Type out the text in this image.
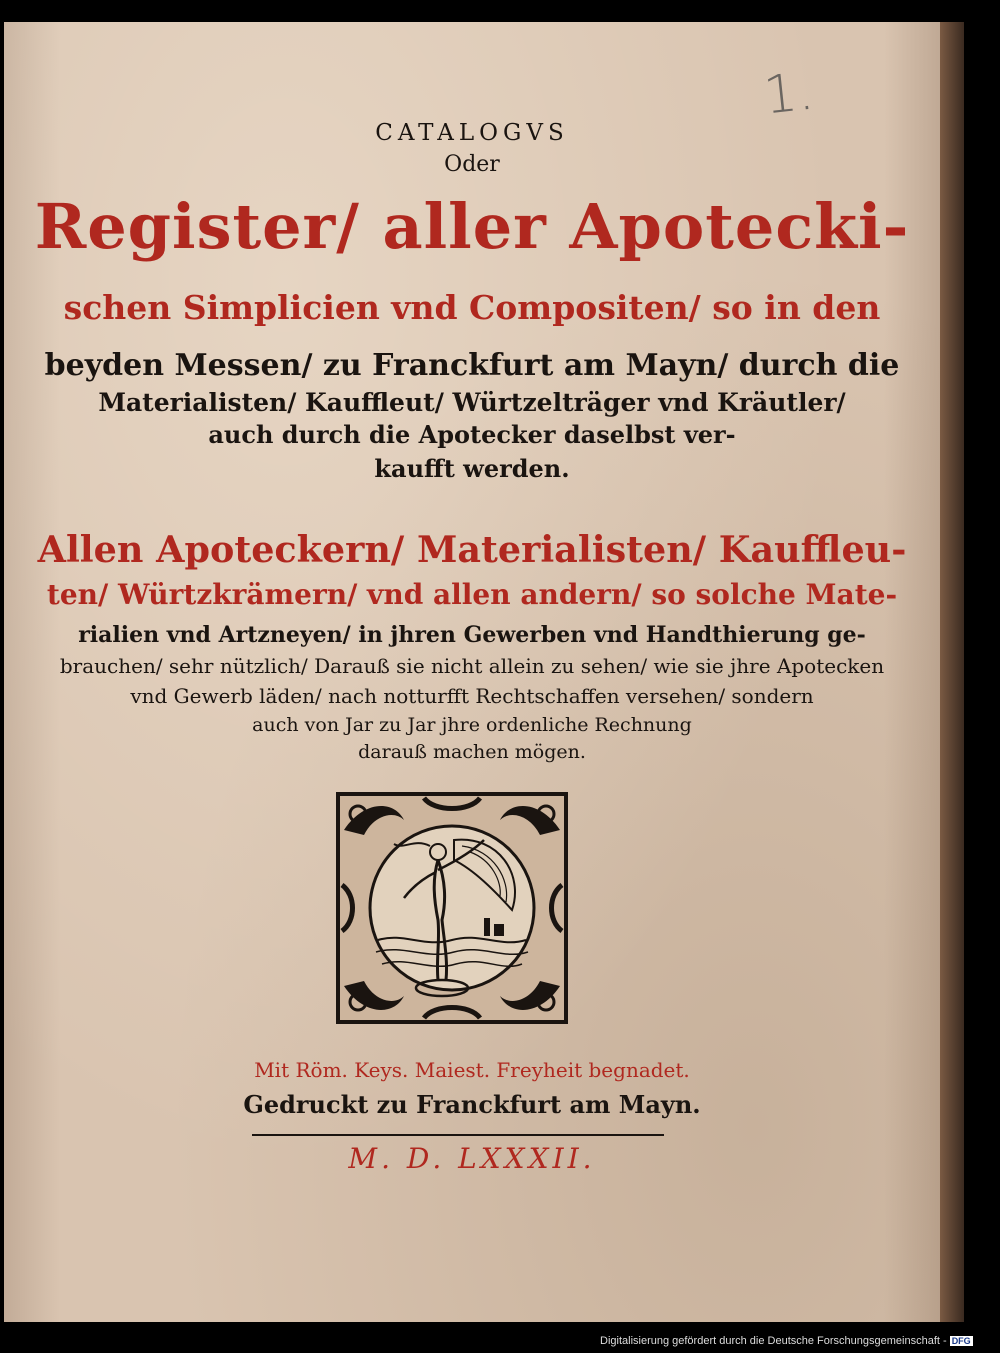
1.
CATALOGVS
Oder
Register/ aller Apotecki-
schen Simplicien vnd Compositen/ so in den
beyden Messen/ zu Franckfurt am Mayn/ durch die
Materialisten/ Kauffleut/ Würtzelträger vnd Kräutler/
auch durch die Apotecker daselbst ver-
kaufft werden.
Allen Apoteckern/ Materialisten/ Kauffleu-
ten/ Würtzkrämern/ vnd allen andern/ so solche Mate-
rialien vnd Artzneyen/ in jhren Gewerben vnd Handthierung ge-
brauchen/ sehr nützlich/ Darauß sie nicht allein zu sehen/ wie sie jhre Apotecken
vnd Gewerb läden/ nach notturfft Rechtschaffen versehen/ sondern
auch von Jar zu Jar jhre ordenliche Rechnung
darauß machen mögen.
Mit Röm. Keys. Maiest. Freyheit begnadet.
Gedruckt zu Franckfurt am Mayn.
M. D. LXXXII.
Digitalisierung gefördert durch die Deutsche Forschungsgemeinschaft - DFG
